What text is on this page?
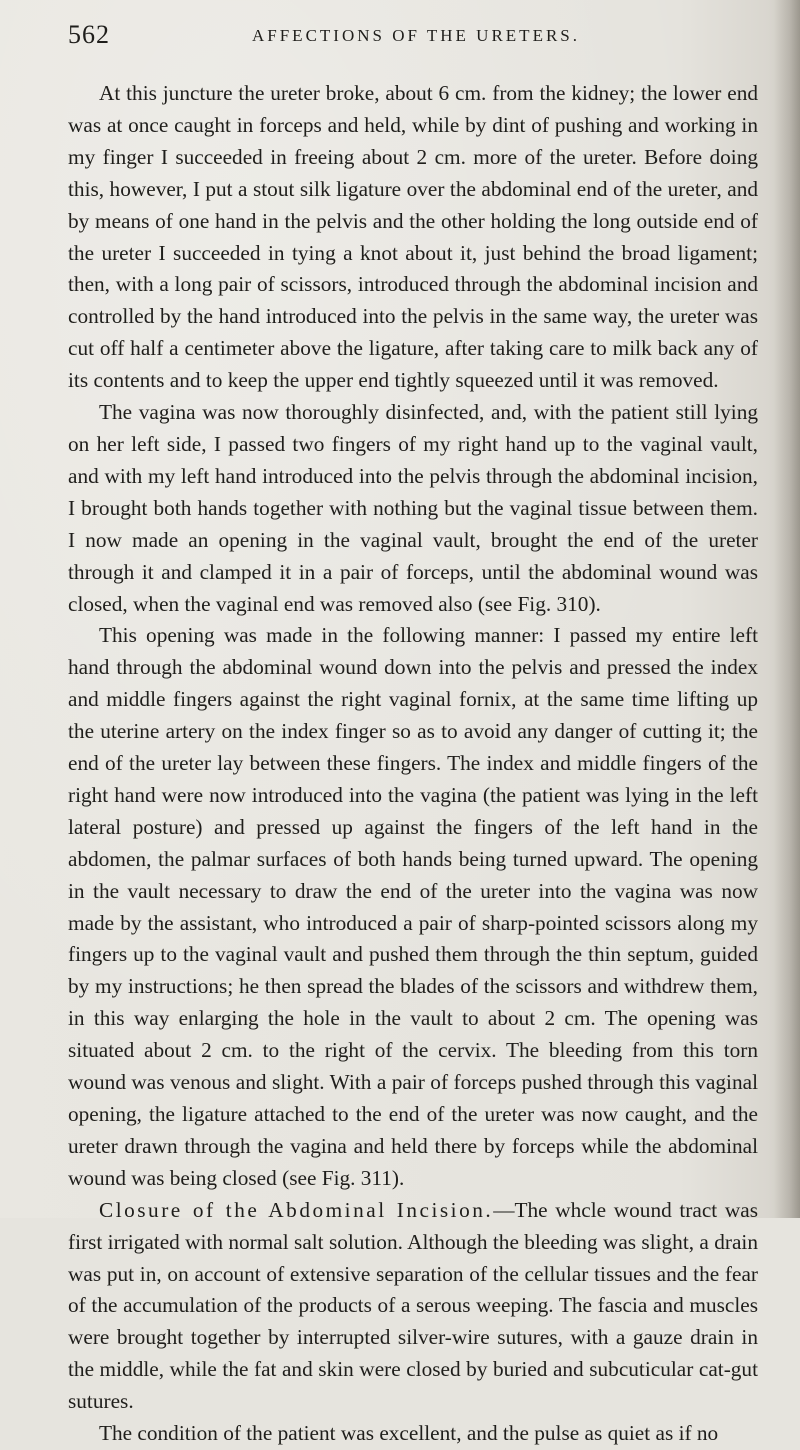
562	AFFECTIONS OF THE URETERS.

At this juncture the ureter broke, about 6 cm. from the kidney; the lower end was at once caught in forceps and held, while by dint of pushing and working in my finger I succeeded in freeing about 2 cm. more of the ureter. Before doing this, however, I put a stout silk ligature over the abdominal end of the ureter, and by means of one hand in the pelvis and the other holding the long outside end of the ureter I succeeded in tying a knot about it, just behind the broad ligament; then, with a long pair of scissors, introduced through the abdominal incision and controlled by the hand introduced into the pelvis in the same way, the ureter was cut off half a centimeter above the ligature, after taking care to milk back any of its contents and to keep the upper end tightly squeezed until it was removed.

The vagina was now thoroughly disinfected, and, with the patient still lying on her left side, I passed two fingers of my right hand up to the vaginal vault, and with my left hand introduced into the pelvis through the abdominal incision, I brought both hands together with nothing but the vaginal tissue between them. I now made an opening in the vaginal vault, brought the end of the ureter through it and clamped it in a pair of forceps, until the abdominal wound was closed, when the vaginal end was removed also (see Fig. 310).

This opening was made in the following manner: I passed my entire left hand through the abdominal wound down into the pelvis and pressed the index and middle fingers against the right vaginal fornix, at the same time lifting up the uterine artery on the index finger so as to avoid any danger of cutting it; the end of the ureter lay between these fingers. The index and middle fingers of the right hand were now introduced into the vagina (the patient was lying in the left lateral posture) and pressed up against the fingers of the left hand in the abdomen, the palmar surfaces of both hands being turned upward. The opening in the vault necessary to draw the end of the ureter into the vagina was now made by the assistant, who introduced a pair of sharp-pointed scissors along my fingers up to the vaginal vault and pushed them through the thin septum, guided by my instructions; he then spread the blades of the scissors and withdrew them, in this way enlarging the hole in the vault to about 2 cm. The opening was situated about 2 cm. to the right of the cervix. The bleeding from this torn wound was venous and slight. With a pair of forceps pushed through this vaginal opening, the ligature attached to the end of the ureter was now caught, and the ureter drawn through the vagina and held there by forceps while the abdominal wound was being closed (see Fig. 311).

Closure of the Abdominal Incision.—The whcle wound tract was first irrigated with normal salt solution. Although the bleeding was slight, a drain was put in, on account of extensive separation of the cellular tissues and the fear of the accumulation of the products of a serous weeping. The fascia and muscles were brought together by interrupted silver-wire sutures, with a gauze drain in the middle, while the fat and skin were closed by buried and subcuticular cat-gut sutures.

The condition of the patient was excellent, and the pulse as quiet as if no
